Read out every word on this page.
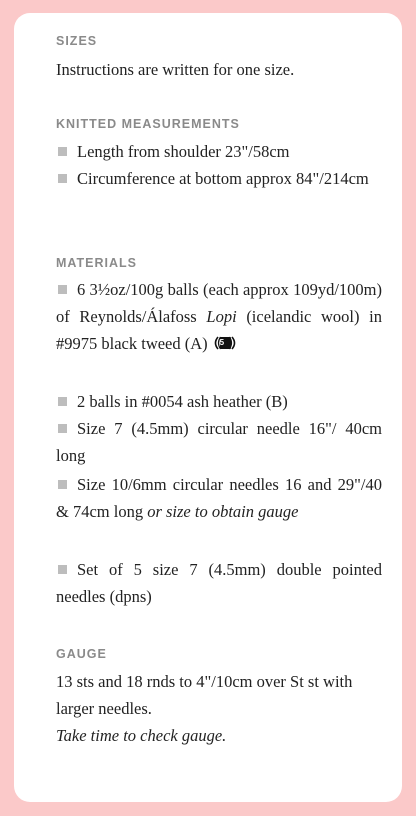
SIZES

Instructions are written for one size.

KNITTED MEASUREMENTS

Length from shoulder 23"/58cm

Circumference at bottom approx 84"/214cm

MATERIALS

6 3½oz/100g balls (each approx 109yd/100m) of Reynolds/Álafoss Lopi (icelandic wool) in #9975 black tweed (A) 5

2 balls in #0054 ash heather (B)

Size 7 (4.5mm) circular needle 16"/ 40cm long

Size 10/6mm circular needles 16 and 29"/40 & 74cm long or size to obtain gauge

Set of 5 size 7 (4.5mm) double pointed needles (dpns)

GAUGE

13 sts and 18 rnds to 4"/10cm over St st with larger needles.

Take time to check gauge.
